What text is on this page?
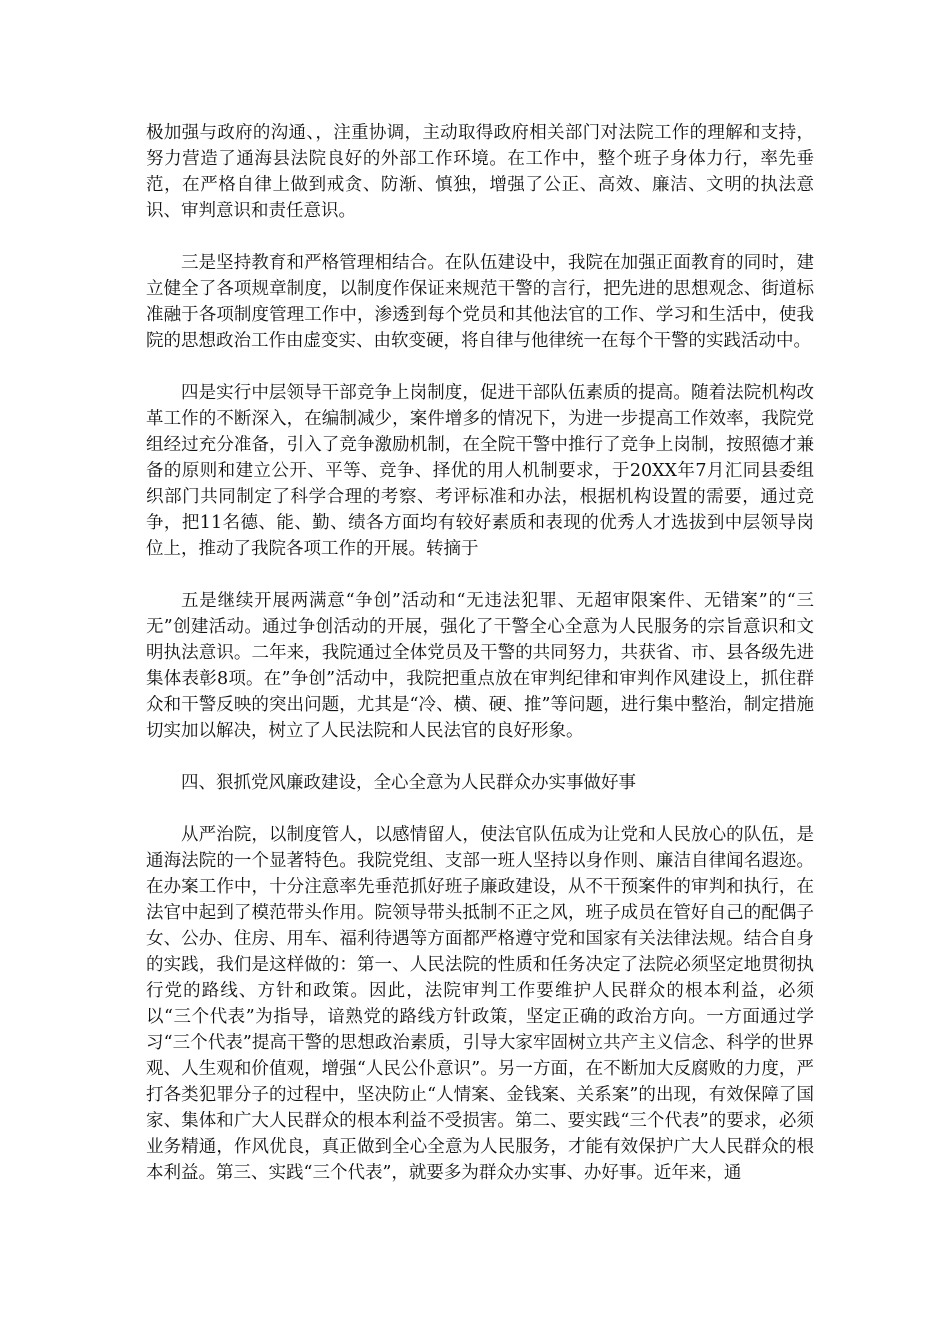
极加强与政府的沟通、，注重协调，主动取得政府相关部门对法院工作的理解和支持，努力营造了通海县法院良好的外部工作环境。在工作中，整个班子身体力行，率先垂范，在严格自律上做到戒贪、防渐、慎独，增强了公正、高效、廉洁、文明的执法意识、审判意识和责任意识。

三是坚持教育和严格管理相结合。在队伍建设中，我院在加强正面教育的同时，建立健全了各项规章制度，以制度作保证来规范干警的言行，把先进的思想观念、街道标准融于各项制度管理工作中，渗透到每个党员和其他法官的工作、学习和生活中，使我院的思想政治工作由虚变实、由软变硬，将自律与他律统一在每个干警的实践活动中。

四是实行中层领导干部竞争上岗制度，促进干部队伍素质的提高。随着法院机构改革工作的不断深入，在编制减少，案件增多的情况下，为进一步提高工作效率，我院党组经过充分准备，引入了竞争激励机制，在全院干警中推行了竞争上岗制，按照德才兼备的原则和建立公开、平等、竞争、择优的用人机制要求，于20XX年7月汇同县委组织部门共同制定了科学合理的考察、考评标准和办法，根据机构设置的需要，通过竞争，把11名德、能、勤、绩各方面均有较好素质和表现的优秀人才选拔到中层领导岗位上，推动了我院各项工作的开展。转摘于

五是继续开展两满意“争创”活动和“无违法犯罪、无超审限案件、无错案”的“三无”创建活动。通过争创活动的开展，强化了干警全心全意为人民服务的宗旨意识和文明执法意识。二年来，我院通过全体党员及干警的共同努力，共获省、市、县各级先进集体表彰8项。在”争创”活动中，我院把重点放在审判纪律和审判作风建设上，抓住群众和干警反映的突出问题，尤其是“冷、横、硬、推”等问题，进行集中整治，制定措施切实加以解决，树立了人民法院和人民法官的良好形象。

四、狠抓党风廉政建设，全心全意为人民群众办实事做好事

从严治院，以制度管人，以感情留人，使法官队伍成为让党和人民放心的队伍，是通海法院的一个显著特色。我院党组、支部一班人坚持以身作则、廉洁自律闻名遐迩。在办案工作中，十分注意率先垂范抓好班子廉政建设，从不干预案件的审判和执行，在法官中起到了模范带头作用。院领导带头抵制不正之风，班子成员在管好自己的配偶子女、公办、住房、用车、福利待遇等方面都严格遵守党和国家有关法律法规。结合自身的实践，我们是这样做的：第一、人民法院的性质和任务决定了法院必须坚定地贯彻执行党的路线、方针和政策。因此，法院审判工作要维护人民群众的根本利益，必须以“三个代表”为指导，谙熟党的路线方针政策，坚定正确的政治方向。一方面通过学习“三个代表”提高干警的思想政治素质，引导大家牢固树立共产主义信念、科学的世界观、人生观和价值观，增强“人民公仆意识”。另一方面，在不断加大反腐败的力度，严打各类犯罪分子的过程中，坚决防止“人情案、金钱案、关系案”的出现，有效保障了国家、集体和广大人民群众的根本利益不受损害。第二、要实践“三个代表”的要求，必须业务精通，作风优良，真正做到全心全意为人民服务，才能有效保护广大人民群众的根本利益。第三、实践“三个代表”，就要多为群众办实事、办好事。近年来，通
